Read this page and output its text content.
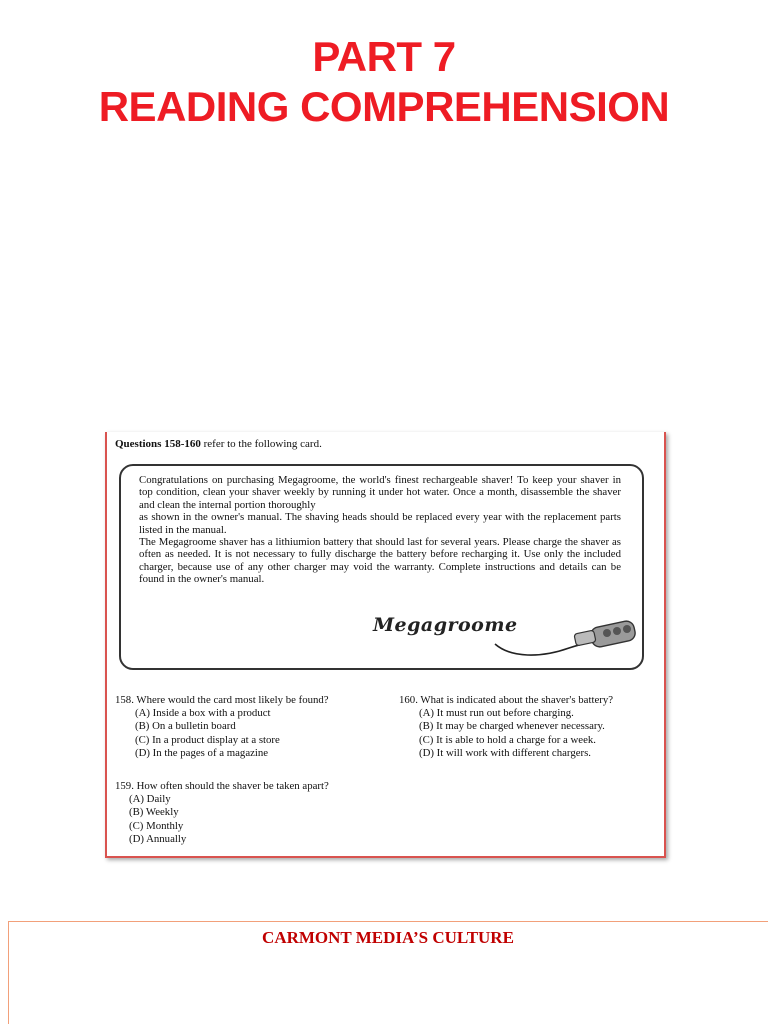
PART 7
READING COMPREHENSION
Questions 158-160 refer to the following card.

Congratulations on purchasing Megagroome, the world's finest rechargeable shaver! To keep your shaver in top condition, clean your shaver weekly by running it under hot water. Once a month, disassemble the shaver and clean the internal portion thoroughly

as shown in the owner's manual. The shaving heads should be replaced every year with the replacement parts listed in the manual.

The Megagroome shaver has a lithiumion battery that should last for several years. Please charge the shaver as often as needed. It is not necessary to fully discharge the battery before recharging it. Use only the included charger, because use of any other charger may void the warranty. Complete instructions and details can be found in the owner's manual.

Megagroome
158. Where would the card most likely be found?
(A) Inside a box with a product
(B) On a bulletin board
(C) In a product display at a store
(D) In the pages of a magazine
160. What is indicated about the shaver's battery?
(A) It must run out before charging.
(B) It may be charged whenever necessary.
(C) It is able to hold a charge for a week.
(D) It will work with different chargers.
159. How often should the shaver be taken apart?
(A) Daily
(B) Weekly
(C) Monthly
(D) Annually
CARMONT MEDIA’S CULTURE
